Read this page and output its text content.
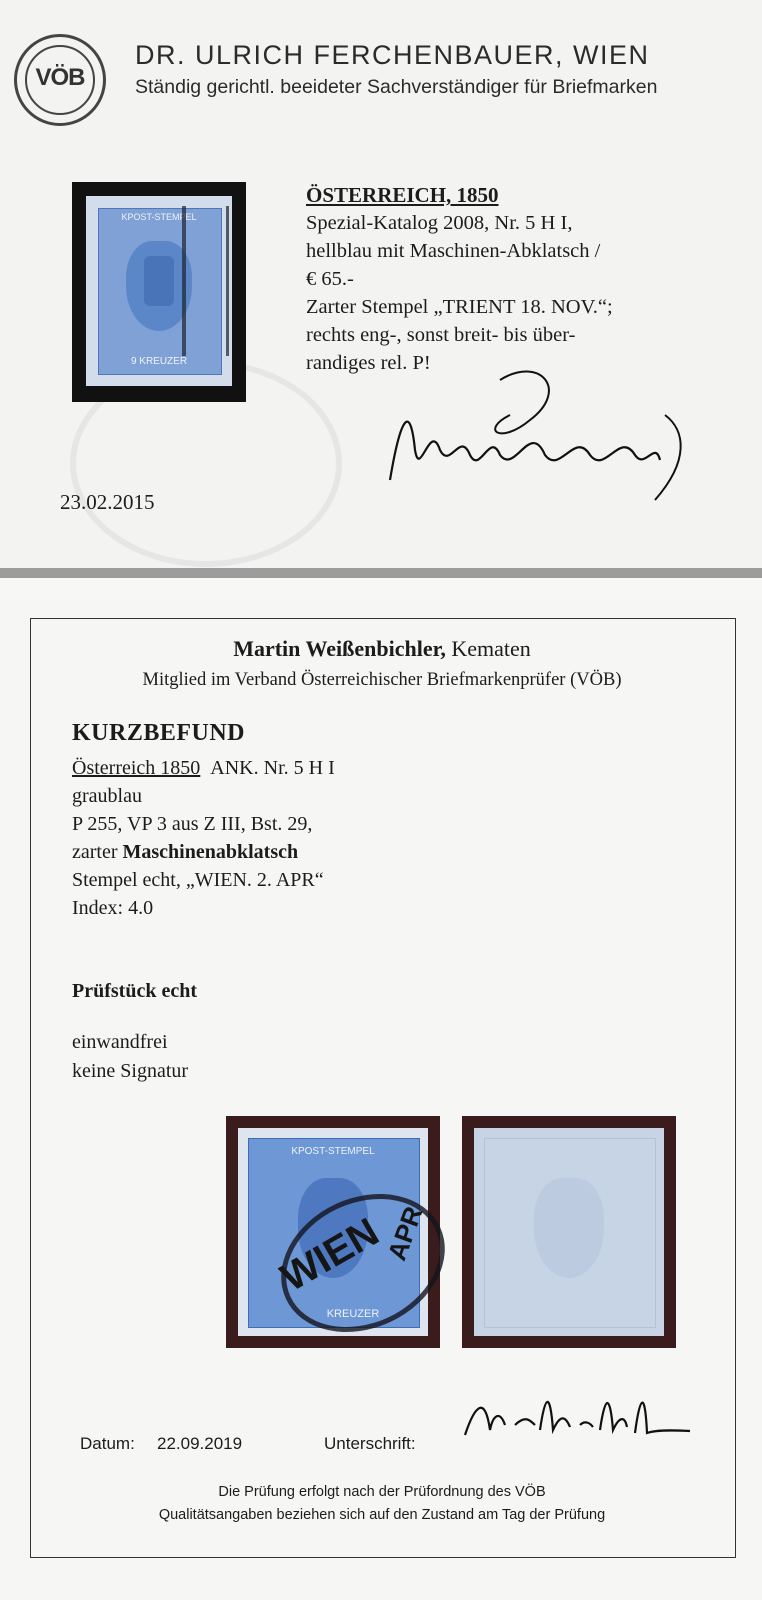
VÖB
DR. ULRICH FERCHENBAUER, WIEN
Ständig gerichtl. beeideter Sachverständiger für Briefmarken
KPOST-STEMPEL
9 KREUZER
ÖSTERREICH, 1850
Spezial-Katalog 2008, Nr. 5 H I,
hellblau mit Maschinen-Abklatsch /
€ 65.-
Zarter Stempel „TRIENT 18. NOV.“;
rechts eng-, sonst breit- bis über-
randiges rel. P!
23.02.2015
Martin Weißenbichler, Kematen
Mitglied im Verband Österreichischer Briefmarkenprüfer (VÖB)
KURZBEFUND
Österreich 1850 ANK. Nr. 5 H I
graublau
P 255, VP 3 aus Z III, Bst. 29,
zarter Maschinenabklatsch
Stempel echt, „WIEN. 2. APR“
Index: 4.0
Prüfstück echt
einwandfrei
keine Signatur
KPOST-STEMPEL
WIEN
APR
KREUZER
Datum: 22.09.2019	Unterschrift:
Die Prüfung erfolgt nach der Prüfordnung des VÖB
Qualitätsangaben beziehen sich auf den Zustand am Tag der Prüfung
